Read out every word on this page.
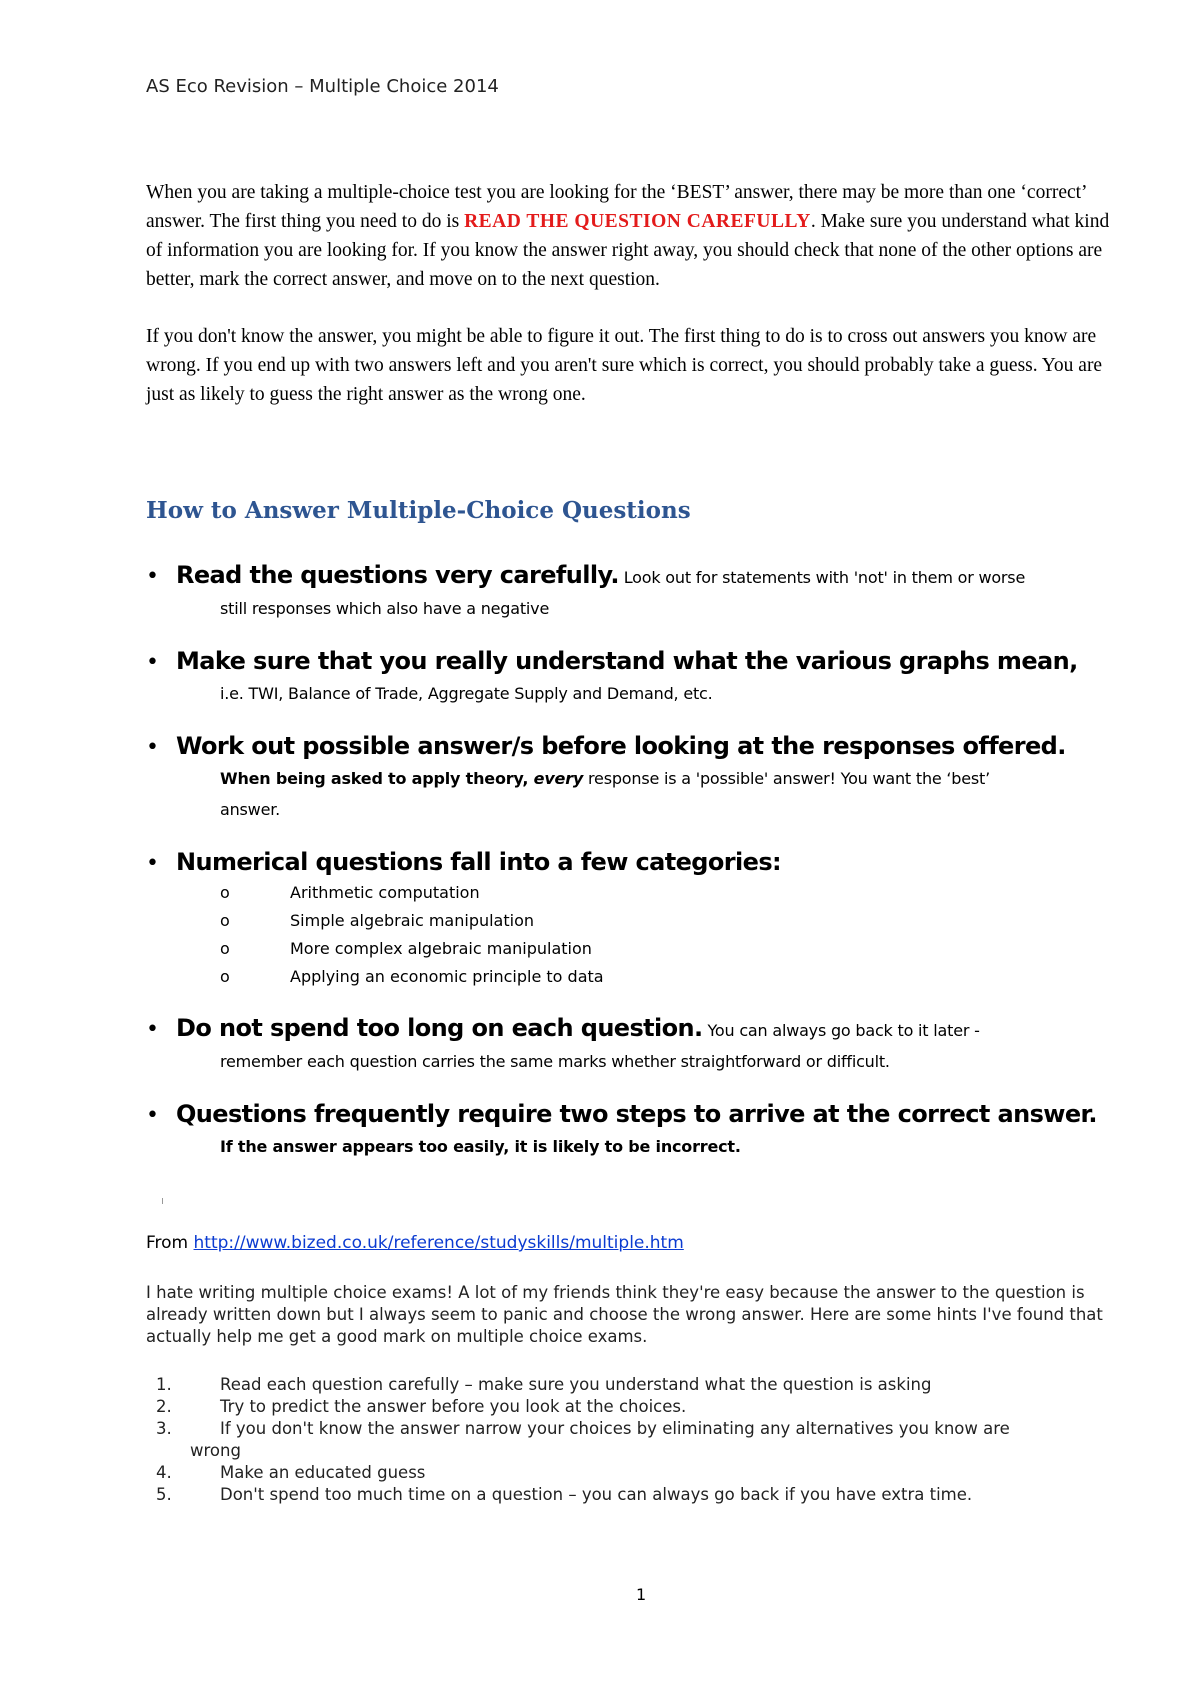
AS Eco Revision – Multiple Choice 2014

When you are taking a multiple-choice test you are looking for the ‘BEST’ answer, there may be more than one ‘correct’ answer. The first thing you need to do is READ THE QUESTION CAREFULLY. Make sure you understand what kind of information you are looking for. If you know the answer right away, you should check that none of the other options are better, mark the correct answer, and move on to the next question.

If you don't know the answer, you might be able to figure it out. The first thing to do is to cross out answers you know are wrong. If you end up with two answers left and you aren't sure which is correct, you should probably take a guess. You are just as likely to guess the right answer as the wrong one.

How to Answer Multiple-Choice Questions
• Read the questions very carefully. Look out for statements with 'not' in them or worse
still responses which also have a negative
• Make sure that you really understand what the various graphs mean,
i.e. TWI, Balance of Trade, Aggregate Supply and Demand, etc.
• Work out possible answer/s before looking at the responses offered.
When being asked to apply theory, every response is a 'possible' answer! You want the ‘best’
answer.
• Numerical questions fall into a few categories:
o	Arithmetic computation
o	Simple algebraic manipulation
o	More complex algebraic manipulation
o	Applying an economic principle to data
• Do not spend too long on each question. You can always go back to it later -
remember each question carries the same marks whether straightforward or difficult.
• Questions frequently require two steps to arrive at the correct answer.
If the answer appears too easily, it is likely to be incorrect.
From http://www.bized.co.uk/reference/studyskills/multiple.htm

I hate writing multiple choice exams! A lot of my friends think they're easy because the answer to the question is already written down but I always seem to panic and choose the wrong answer. Here are some hints I've found that actually help me get a good mark on multiple choice exams.

1.	Read each question carefully – make sure you understand what the question is asking
2.	Try to predict the answer before you look at the choices.
3.	If you don't know the answer narrow your choices by eliminating any alternatives you know are
wrong
4.	Make an educated guess
5.	Don't spend too much time on a question – you can always go back if you have extra time.
1
